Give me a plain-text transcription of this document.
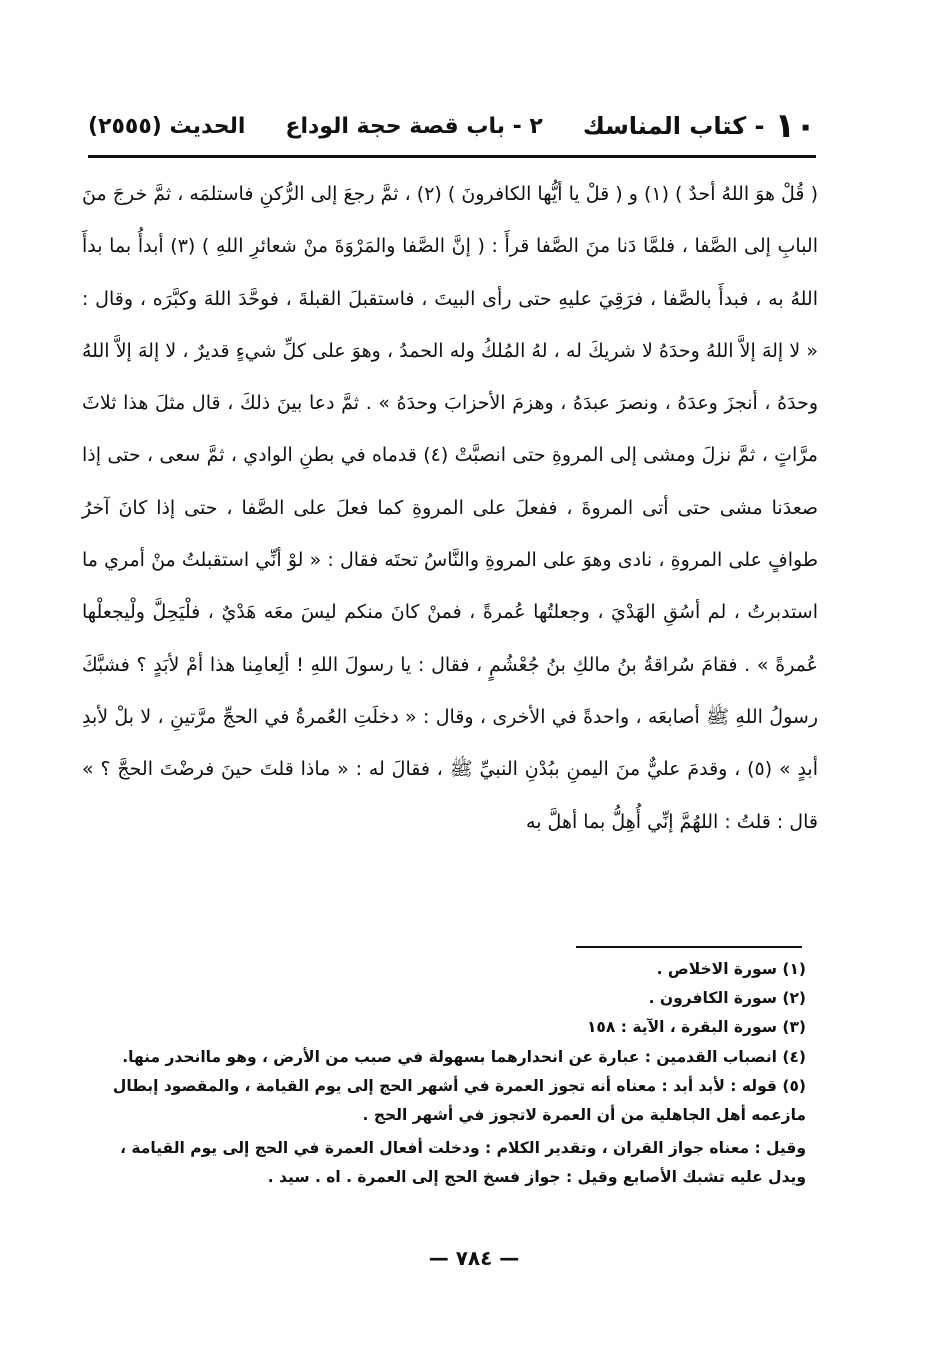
١٠
- كتاب المناسك
٢ - باب قصة حجة الوداع
الحديث (٢٥٥٥)

( قُلْ هوَ اللهُ أحدٌ ) (١) و ( قلْ يا أيُّها الكافرونَ ) (٢) ، ثمَّ رجعَ إلى الرُّكنِ فاستلمَه ، ثمَّ خرجَ منَ البابِ إلى الصَّفا ، فلمَّا دَنا منَ الصَّفا قرأَ : ( إنَّ الصَّفا والمَرْوَةَ منْ شعائرِ اللهِ ) (٣) أبدأُ بما بدأَ اللهُ به ، فبدأَ بالصَّفا ، فرَقِيَ عليهِ حتى رأى البيتَ ، فاستقبلَ القبلةَ ، فوحَّدَ اللهَ وكبَّرَه ، وقال : « لا إلهَ إلاَّ اللهُ وحدَهُ لا شريكَ له ، لهُ المُلكُ وله الحمدُ ، وهوَ على كلِّ شيءٍ قديرٌ ، لا إلهَ إلاَّ اللهُ وحدَهُ ، أنجزَ وعدَهُ ، ونصرَ عبدَهُ ، وهزمَ الأحزابَ وحدَهُ » . ثمَّ دعا بينَ ذلكَ ، قال مثلَ هذا ثلاثَ مرَّاتٍ ، ثمَّ نزلَ ومشى إلى المروةِ حتى انصبَّتْ (٤) قدماه في بطنِ الوادي ، ثمَّ سعى ، حتى إذا صعدَنا مشى حتى أتى المروةَ ، ففعلَ على المروةِ كما فعلَ على الصَّفا ، حتى إذا كانَ آخرُ طوافٍ على المروةِ ، نادى وهوَ على المروةِ والنَّاسُ تحتَه فقال : « لوْ أنِّي استقبلتُ منْ أمري ما استدبرتُ ، لم أسُقِ الهَدْيَ ، وجعلتُها عُمرةً ، فمنْ كانَ منكم ليسَ معَه هَدْيٌ ، فلْيَحِلَّ ولْيجعلْها عُمرةً » . فقامَ سُراقةُ بنُ مالكِ بنُ جُعْشُمٍ ، فقال : يا رسولَ اللهِ ! ألِعامِنا هذا أمْ لأبَدٍ ؟ فشبَّكَ رسولُ اللهِ ﷺ أصابعَه ، واحدةً في الأخرى ، وقال : « دخلَتِ العُمرةُ في الحجِّ مرَّتينِ ، لا بلْ لأبدِ أبدٍ » (٥) ، وقدمَ عليٌّ منَ اليمنِ ببُدْنِ النبيِّ ﷺ ، فقالَ له : « ماذا قلتَ حينَ فرضْتَ الحجَّ ؟ » قال : قلتُ : اللهُمَّ إنِّي أُهِلُّ بما أهلَّ به

(١) سورة الاخلاص .

(٢) سورة الكافرون .

(٣) سورة البقرة ، الآية : ١٥٨

(٤) انصباب القدمين : عبارة عن انحدارهما بسهولة في صبب من الأرض ، وهو ماانحدر منها.

(٥) قوله : لأبد أبد : معناه أنه تجوز العمرة في أشهر الحج إلى يوم القيامة ، والمقصود إبطال مازعمه أهل الجاهلية من أن العمرة لاتجوز في أشهر الحج .

وقيل : معناه جواز القران ، وتقدير الكلام : ودخلت أفعال العمرة في الحج إلى يوم القيامة ، ويدل عليه تشبك الأصابع وقيل : جواز فسخ الحج إلى العمرة . اه . سيد .

— ٧٨٤ —
